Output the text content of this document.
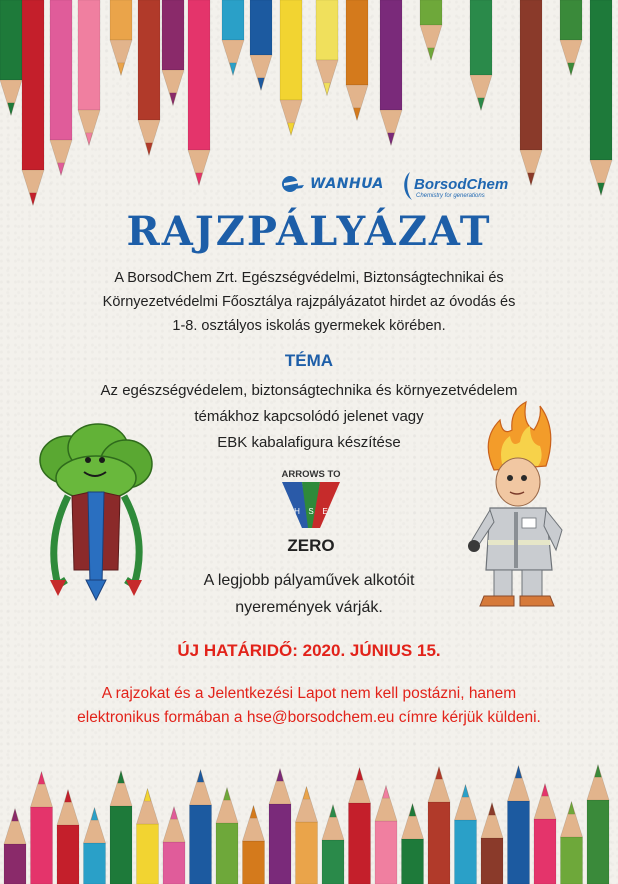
WANHUA BorsodChem
Chemistry for generations
RAJZPÁLYÁZAT
A BorsodChem Zrt. Egészségvédelmi, Biztonságtechnikai és
Környezetvédelmi Főosztálya rajzpályázatot hirdet az óvodás és
1-8. osztályos iskolás gyermekek körében.
TÉMA
Az egészségvédelem, biztonságtechnika és környezetvédelem
témákhoz kapcsolódó jelenet vagy
EBK kabalafigura készítése
ARROWS TO
H S E
ZERO
A legjobb pályaművek alkotóit
nyeremények várják.
ÚJ HATÁRIDŐ: 2020. JÚNIUS 15.
A rajzokat és a Jelentkezési Lapot nem kell postázni, hanem
elektronikus formában a hse@borsodchem.eu címre kérjük küldeni.
